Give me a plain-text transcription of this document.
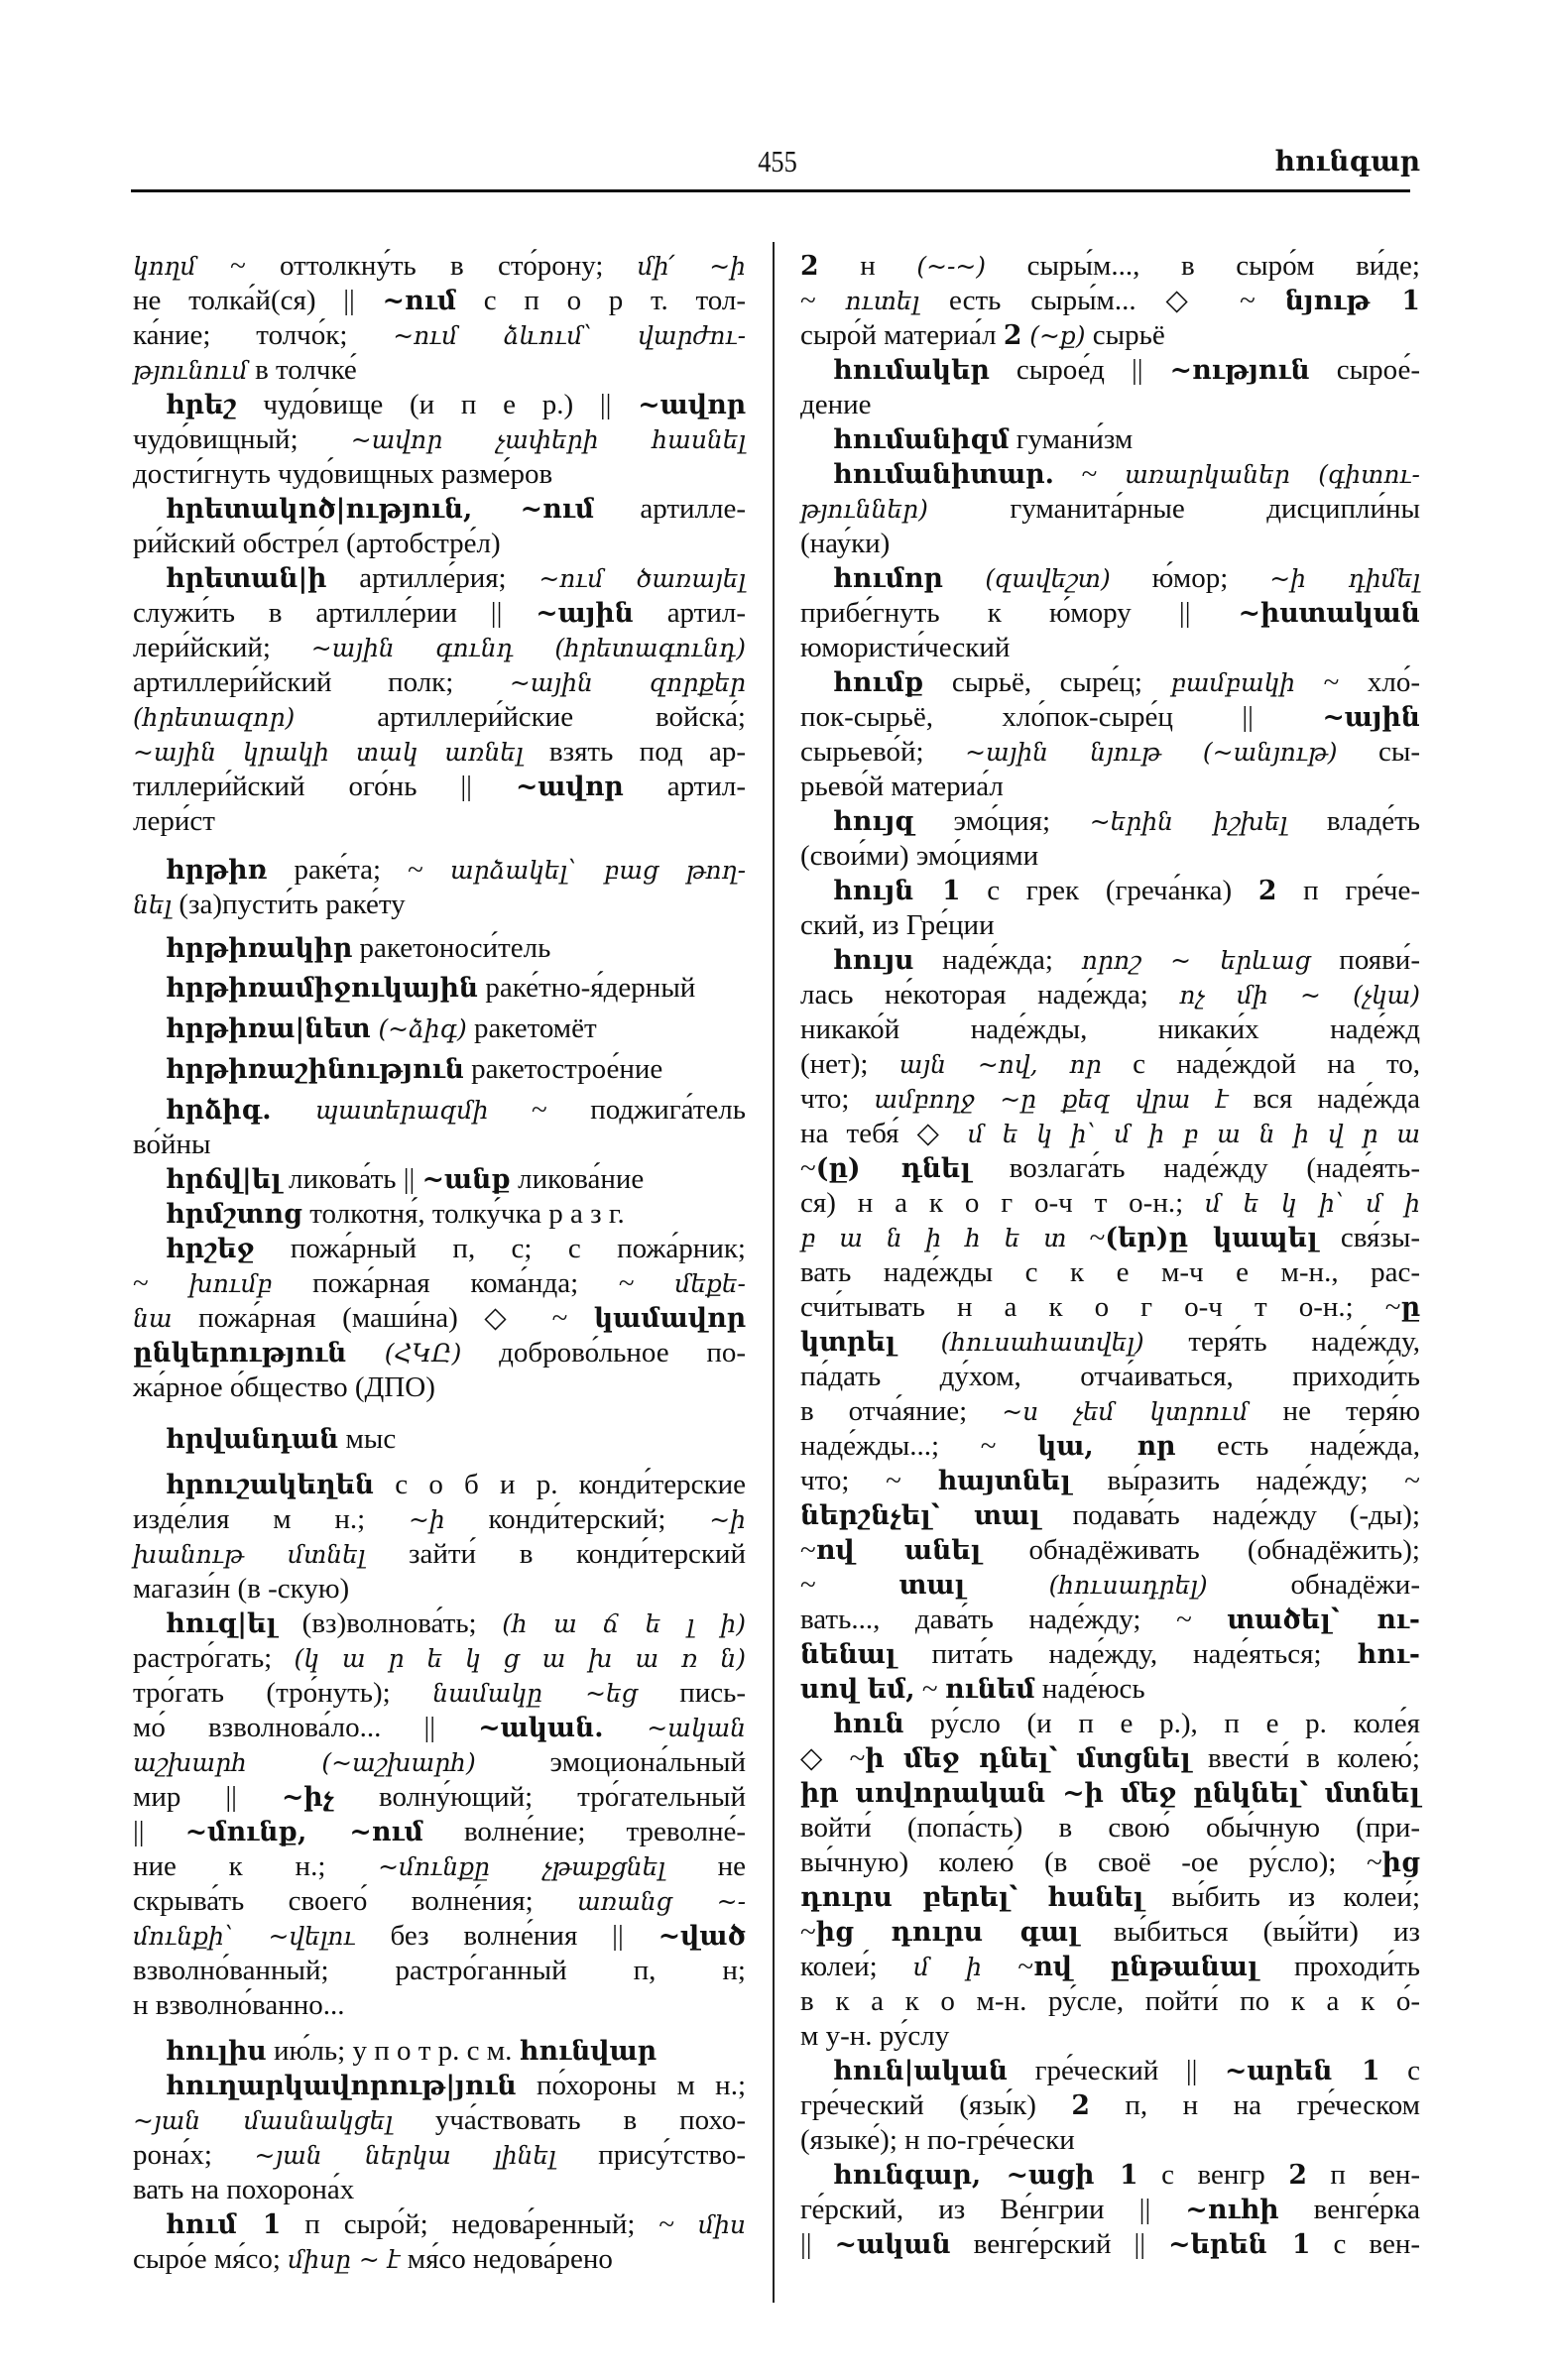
455	հունգար
կողմ ~ оттолкну́ть в сто́рону; մի՛ ~ի
не толка́й(ся) || ~ում с п о р т. тол-
ка́ние; толчо́к; ~ում ձևում՝ վարժու-
թյունում в толчке́
հրեշ чудо́вище (и п е р.) || ~ավոր
чудо́вищный; ~ավոր չափերի հասնել
дости́гнуть чудо́вищных разме́ров
հրետակոծ|ություն, ~ում артилле-
ри́йский обстре́л (артобстре́л)
հրետան|ի артилле́рия; ~ում ծառայել
служи́ть в артилле́рии || ~ային артил-
лери́йский; ~ային գունդ (հրետագունդ)
артиллери́йский полк; ~ային զորքեր
(հրետազոր) артиллери́йские войска́;
~ային կրակի տակ առնել взять под ар-
тиллери́йский ого́нь || ~ավոր артил-
лери́ст
հրթիռ раке́та; ~ արձակել՝ բաց թող-
նել (за)пусти́ть раке́ту
հրթիռակիր ракетоноси́тель
հրթիռամիջուկային раке́тно-я́дерный
հրթիռա|նետ (~ձիգ) ракетомёт
հրթիռաշինություն ракетострое́ние
հրձիգ. պատերազմի ~ поджига́тель
во́йны
հրճվ|ել ликова́ть || ~անք ликова́ние
հրմշտոց толкотня́, толку́чка р а з г.
հրշեջ пожа́рный п, с; с пожа́рник;
~ խումբ пожа́рная кома́нда; ~ մեքե-
նա пожа́рная (маши́на) ◇ ~ կամավոր
ընկերություն (ՀԿԸ) доброво́льное по-
жа́рное о́бщество (ДПО)
հրվանդան мыс
հրուշակեղեն с о б и р. конди́терские
изде́лия м н.; ~ի конди́терский; ~ի
խանութ մտնել зайти́ в конди́терский
магази́н (в -скую)
հուզ|ել (вз)волнова́ть; (հ ա ճ ե լ ի)
растро́гать; (կ ա ր ե կ ց ա խ ա ռ ն)
тро́гать (тро́нуть); նամակը ~եց пись-
мо́ взволнова́ло... || ~ական. ~ական
աշխարհ (~աշխարհ) эмоциона́льный
мир || ~իչ волну́ющий; тро́гательный
|| ~մունք, ~ում волне́ние; треволне́-
ние к н.; ~մունքը չթաքցնել не
скрыва́ть своего́ волне́ния; առանց ~-
մունքի՝ ~վելու без волне́ния || ~ված
взволно́ванный; растро́ганный п, н;
н взволно́ванно...
հուլիս ию́ль; у п о т р. с м. հունվար
հուղարկավորութ|յուն по́хороны м н.;
~յան մասնակցել уча́ствовать в похо-
рона́х; ~յան ներկա լինել прису́тство-
вать на похорона́х
հում 1 п сыро́й; недова́ренный; ~ միս
сыро́е мя́со; միսը ~ է мя́со недова́рено
2 н (~-~) сыры́м..., в сыро́м ви́де;
~ ուտել есть сыры́м... ◇ ~ նյութ 1
сыро́й материа́л 2 (~ք) сырьё
հումակեր сырое́д || ~ություն сырое́-
дение
հումանիզմ гумани́зм
հումանիտար. ~ առարկաներ (գիտու-
թյուններ) гуманита́рные дисципли́ны
(нау́ки)
հումոր (զավեշտ) ю́мор; ~ի դիմել
прибе́гнуть к ю́мору || ~իստական
юмористи́ческий
հումք сырьё, сыре́ц; բամբակի ~ хло́-
пок-сырьё, хло́пок-сыре́ц || ~ային
сырьево́й; ~ային նյութ (~անյութ) сы-
рьево́й материа́л
հույզ эмо́ция; ~երին իշխել владе́ть
(свои́ми) эмо́циями
հույն 1 с грек (греча́нка) 2 п гре́че-
ский, из Гре́ции
հույս наде́жда; որոշ ~ երևաց появи́-
лась не́которая наде́жда; ոչ մի ~ (չկա)
никако́й наде́жды, никаки́х наде́жд
(нет); այն ~ով, որ с наде́ждой на то,
что; ամբողջ ~ը քեզ վրա է вся наде́жда
на тебя́ ◇ մ ե կ ի՝ մ ի բ ա ն ի վ ր ա
~(ը) դնել возлага́ть наде́жду (наде́ять-
ся) н а к о г о-ч т о-н.; մ ե կ ի՝ մ ի
բ ա ն ի հ ե տ ~(եր)ը կապել свя́зы-
вать наде́жды с к е м-ч е м-н., рас-
счи́тывать н а к о г о-ч т о-н.; ~ը
կտրել (հուսահատվել) теря́ть наде́жду,
па́дать ду́хом, отча́иваться, приходи́ть
в отча́яние; ~ս չեմ կտրում не теря́ю
наде́жды...; ~ կա, որ есть наде́жда,
что; ~ հայտնել вы́разить наде́жду; ~
ներշնչել՝ տալ подава́ть наде́жду (-ды);
~ով անել обнадёживать (обнадёжить);
~ տալ (հուսադրել) обнадёжи-
вать..., дава́ть наде́жду; ~ տածել՝ ու-
նենալ пита́ть наде́жду, наде́яться; հու-
սով եմ, ~ ունեմ наде́юсь
հուն ру́сло (и п е р.), п е р. коле́я
◇ ~ի մեջ դնել՝ մտցնել ввести́ в колею́;
իր սովորական ~ի մեջ ընկնել՝ մտնել
войти́ (попа́сть) в свою́ обы́чную (при-
вы́чную) колею́ (в своё -ое ру́сло); ~ից
դուրս բերել՝ հանել вы́бить из колеи́;
~ից դուրս գալ вы́биться (вы́йти) из
колеи́; մ ի ~ով ընթանալ проходи́ть
в к а к о м-н. ру́сле, пойти́ по к а к о́-
м у-н. ру́слу
հուն|ական гре́ческий || ~արեն 1 с
гре́ческий (язы́к) 2 п, н на гре́ческом
(языке́); н по-гре́чески
հունգար, ~ացի 1 с венгр 2 п вен-
ге́рский, из Ве́нгрии || ~ուհի венге́рка
|| ~ական венге́рский || ~երեն 1 с вен-
